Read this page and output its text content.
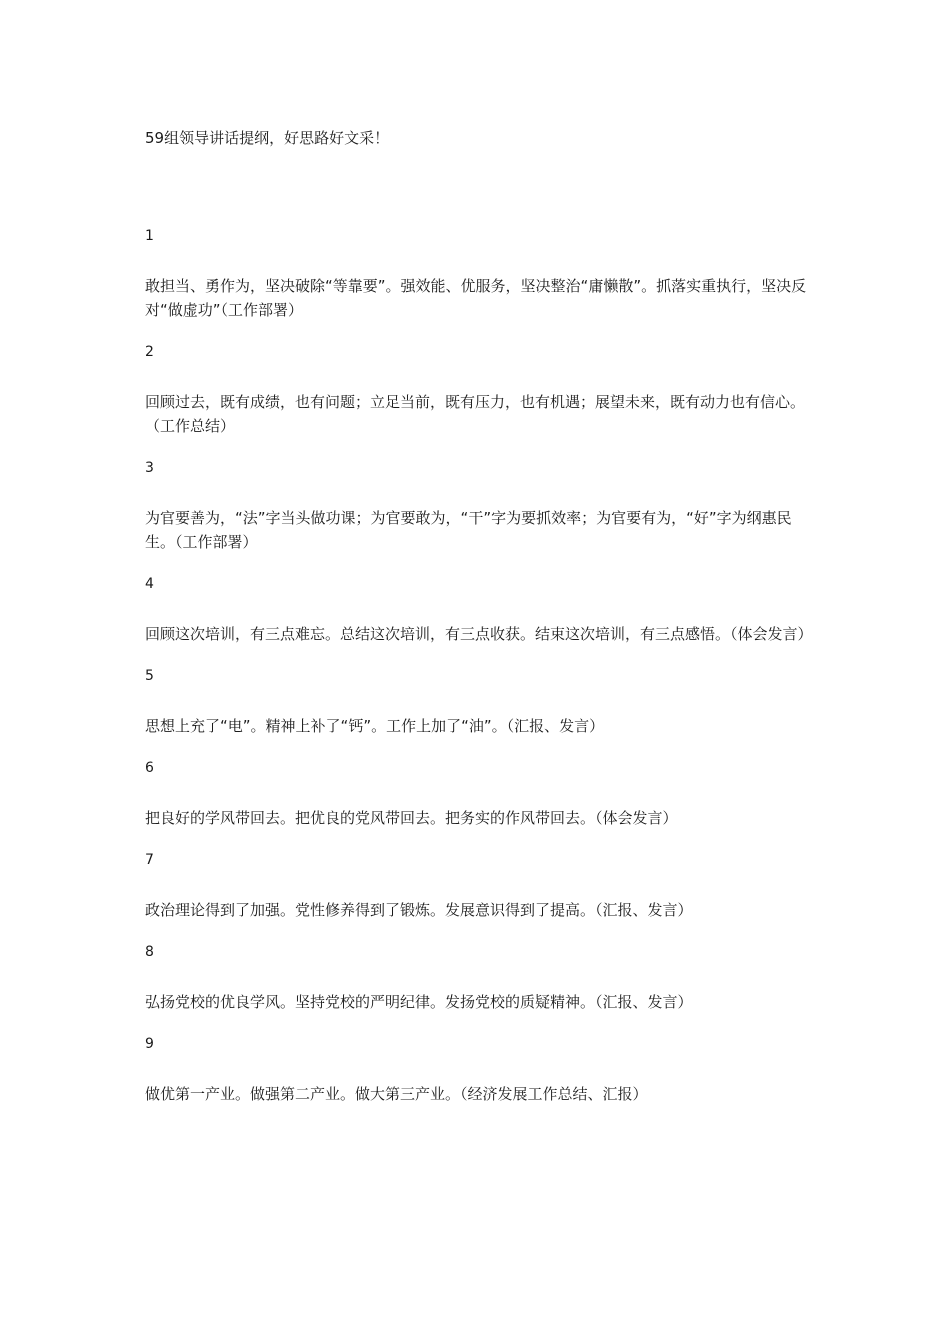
59组领导讲话提纲，好思路好文采！
1
敢担当、勇作为，坚决破除“等靠要”。强效能、优服务，坚决整治“庸懒散”。抓落实重执行，坚决反对“做虚功”（工作部署）
2
回顾过去，既有成绩，也有问题；立足当前，既有压力，也有机遇；展望未来，既有动力也有信心。（工作总结）
3
为官要善为，“法”字当头做功课；为官要敢为，“干”字为要抓效率；为官要有为，“好”字为纲惠民生。（工作部署）
4
回顾这次培训，有三点难忘。总结这次培训，有三点收获。结束这次培训，有三点感悟。（体会发言）
5
思想上充了“电”。精神上补了“钙”。工作上加了“油”。（汇报、发言）
6
把良好的学风带回去。把优良的党风带回去。把务实的作风带回去。（体会发言）
7
政治理论得到了加强。党性修养得到了锻炼。发展意识得到了提高。（汇报、发言）
8
弘扬党校的优良学风。坚持党校的严明纪律。发扬党校的质疑精神。（汇报、发言）
9
做优第一产业。做强第二产业。做大第三产业。（经济发展工作总结、汇报）
